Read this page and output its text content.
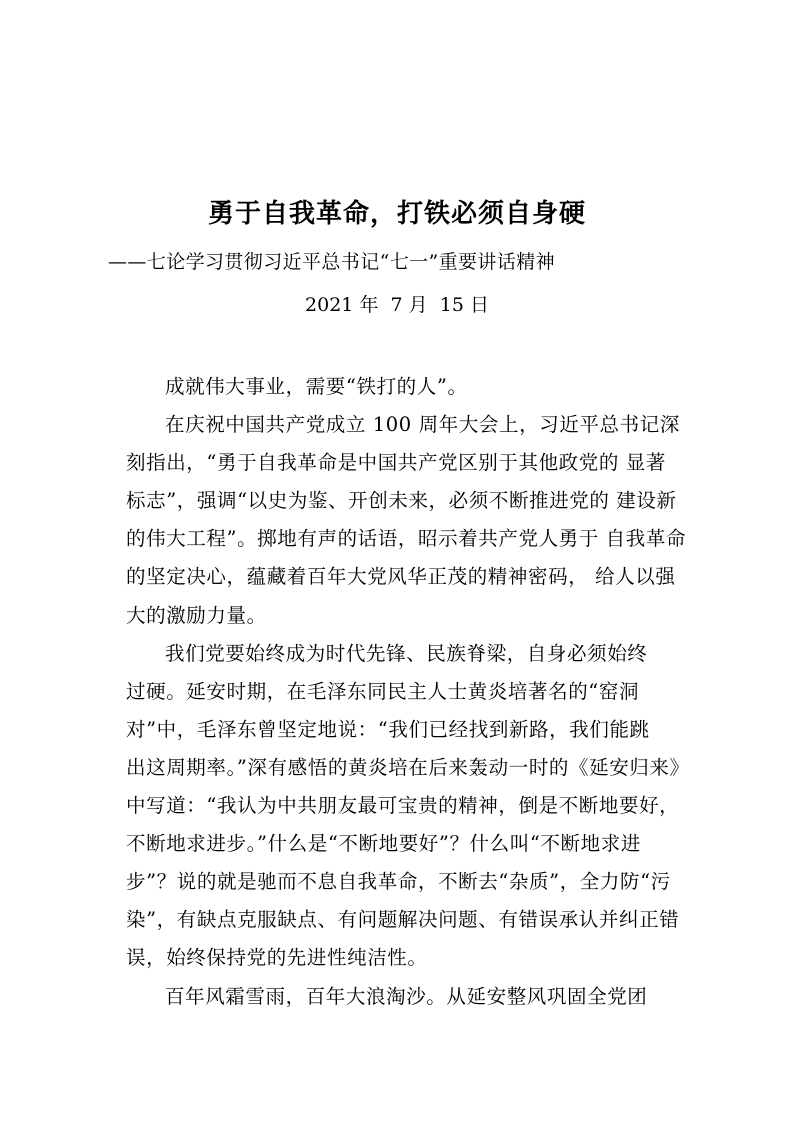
勇于自我革命，打铁必须自身硬
——七论学习贯彻习近平总书记“七一”重要讲话精神
2021 年  7 月  15 日
成就伟大事业，需要“铁打的人”。
在庆祝中国共产党成立 100 周年大会上，习近平总书记深
刻指出，“勇于自我革命是中国共产党区别于其他政党的 显著
标志”，强调“以史为鉴、开创未来，必须不断推进党的 建设新
的伟大工程”。掷地有声的话语，昭示着共产党人勇于 自我革命
的坚定决心，蕴藏着百年大党风华正茂的精神密码， 给人以强
大的激励力量。
我们党要始终成为时代先锋、民族脊梁，自身必须始终
过硬。延安时期，在毛泽东同民主人士黄炎培著名的“窑洞
对”中，毛泽东曾坚定地说：“我们已经找到新路，我们能跳
出这周期率。”深有感悟的黄炎培在后来轰动一时的《延安归来》
中写道：“我认为中共朋友最可宝贵的精神，倒是不断地要好，
不断地求进步。”什么是“不断地要好”？什么叫“不断地求进
步”？说的就是驰而不息自我革命，不断去“杂质”，全力防“污
染”，有缺点克服缺点、有问题解决问题、有错误承认并纠正错
误，始终保持党的先进性纯洁性。
百年风霜雪雨，百年大浪淘沙。从延安整风巩固全党团
